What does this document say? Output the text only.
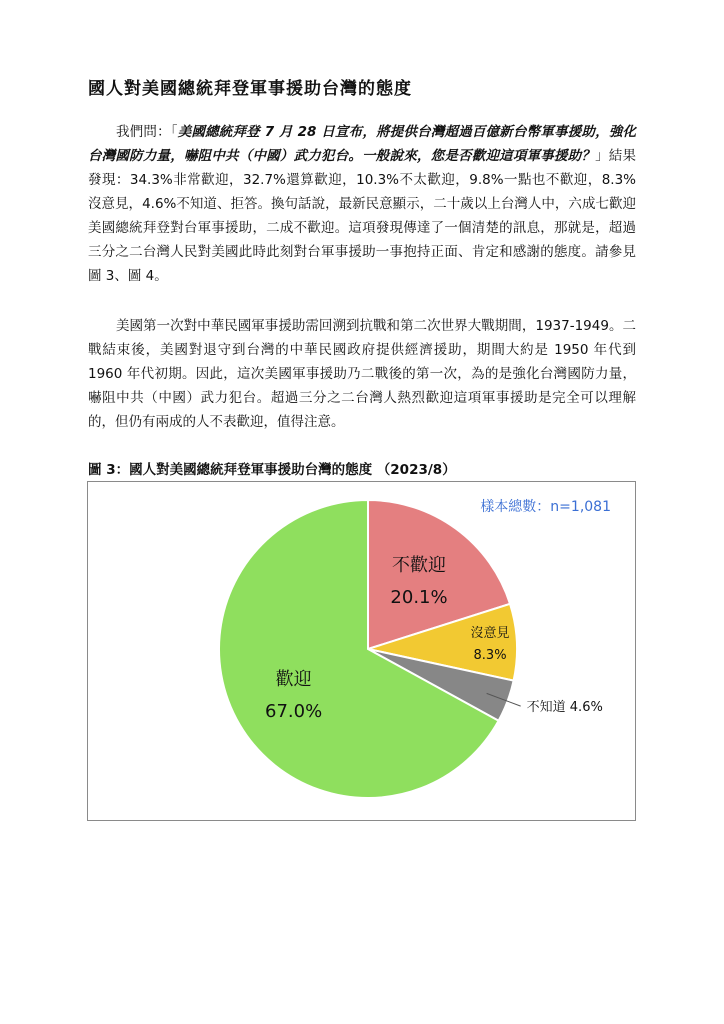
國人對美國總統拜登軍事援助台灣的態度
我們問：「美國總統拜登 7 月 28 日宣布，將提供台灣超過百億新台幣軍事援助，強化台灣國防力量，嚇阻中共（中國）武力犯台。一般說來，您是否歡迎這項軍事援助？」結果發現：34.3%非常歡迎，32.7%還算歡迎，10.3%不太歡迎，9.8%一點也不歡迎，8.3%沒意見，4.6%不知道、拒答。換句話說，最新民意顯示，二十歲以上台灣人中，六成七歡迎美國總統拜登對台軍事援助，二成不歡迎。這項發現傳達了一個清楚的訊息，那就是，超過三分之二台灣人民對美國此時此刻對台軍事援助一事抱持正面、肯定和感謝的態度。請參見圖 3、圖 4。
美國第一次對中華民國軍事援助需回溯到抗戰和第二次世界大戰期間，1937-1949。二戰結束後，美國對退守到台灣的中華民國政府提供經濟援助，期間大約是 1950 年代到 1960 年代初期。因此，這次美國軍事援助乃二戰後的第一次，為的是強化台灣國防力量，嚇阻中共（中國）武力犯台。超過三分之二台灣人熱烈歡迎這項軍事援助是完全可以理解的，但仍有兩成的人不表歡迎，值得注意。
圖 3：國人對美國總統拜登軍事援助台灣的態度 （2023/8）
不歡迎
20.1%
沒意見
8.3%
不知道 4.6%
歡迎
67.0%
樣本總數：n=1,081
